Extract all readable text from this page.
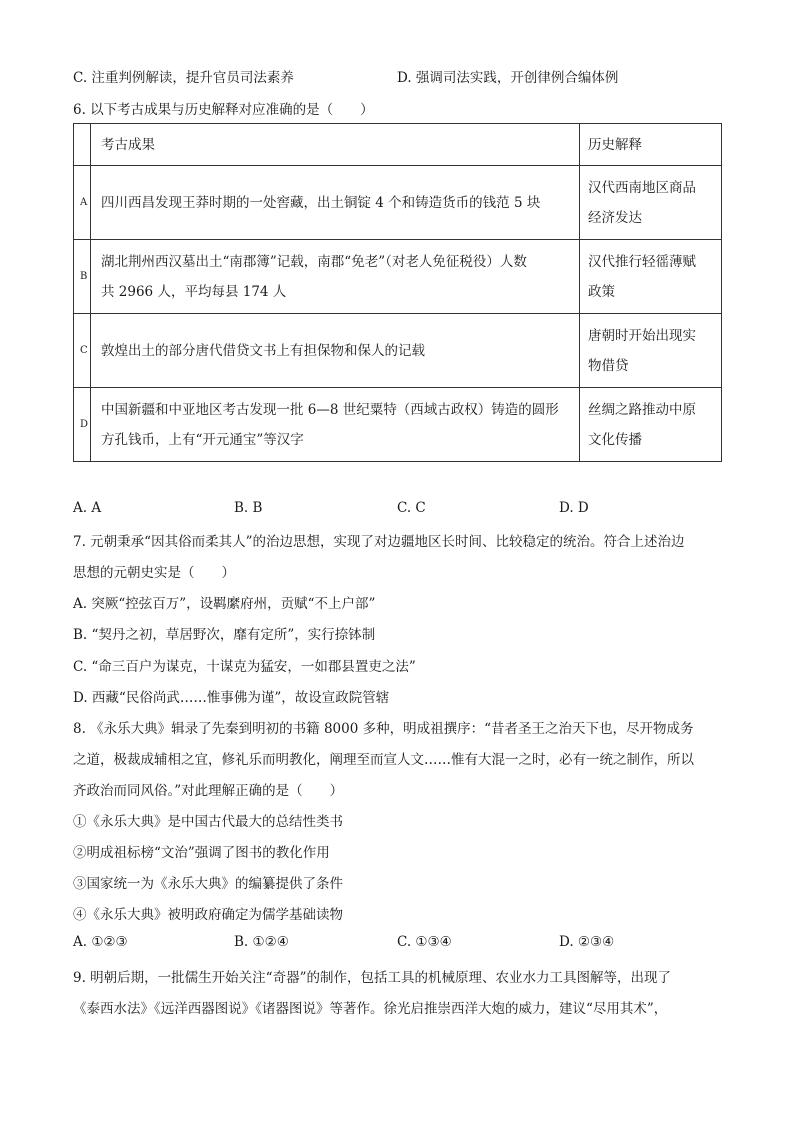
C. 注重判例解读，提升官员司法素养	D. 强调司法实践，开创律例合编体例
6. 以下考古成果与历史解释对应准确的是（　　）
	考古成果	历史解释
A	四川西昌发现王莽时期的一处窖藏，出土铜锭 4 个和铸造货币的钱范 5 块	汉代西南地区商品
经济发达
B	湖北荆州西汉墓出土“南郡簿”记载，南郡“免老”（对老人免征税役）人数
共 2966 人，平均每县 174 人	汉代推行轻徭薄赋
政策
C	敦煌出土的部分唐代借贷文书上有担保物和保人的记载	唐朝时开始出现实
物借贷
D	中国新疆和中亚地区考古发现一批 6—8 世纪粟特（西域古政权）铸造的圆形
方孔钱币，上有“开元通宝”等汉字	丝绸之路推动中原
文化传播
A. A	B. B	C. C	D. D
7. 元朝秉承“因其俗而柔其人”的治边思想，实现了对边疆地区长时间、比较稳定的统治。符合上述治边
思想的元朝史实是（　　）
A. 突厥“控弦百万”，设羁縻府州，贡赋“不上户部”
B. “契丹之初，草居野次，靡有定所”，实行捺钵制
C. “命三百户为谋克，十谋克为猛安，一如郡县置吏之法”
D. 西藏“民俗尚武……惟事佛为谨”，故设宣政院管辖
8. 《永乐大典》辑录了先秦到明初的书籍 8000 多种，明成祖撰序：“昔者圣王之治天下也，尽开物成务
之道，极裁成辅相之宜，修礼乐而明教化，阐理至而宣人文……惟有大混一之时，必有一统之制作，所以
齐政治而同风俗。”对此理解正确的是（　　）
①《永乐大典》是中国古代最大的总结性类书
②明成祖标榜“文治”强调了图书的教化作用
③国家统一为《永乐大典》的编纂提供了条件
④《永乐大典》被明政府确定为儒学基础读物
A. ①②③	B. ①②④	C. ①③④	D. ②③④
9. 明朝后期，一批儒生开始关注“奇器”的制作，包括工具的机械原理、农业水力工具图解等，出现了
《泰西水法》《远洋西器图说》《诸器图说》等著作。徐光启推崇西洋大炮的威力，建议“尽用其术”，
